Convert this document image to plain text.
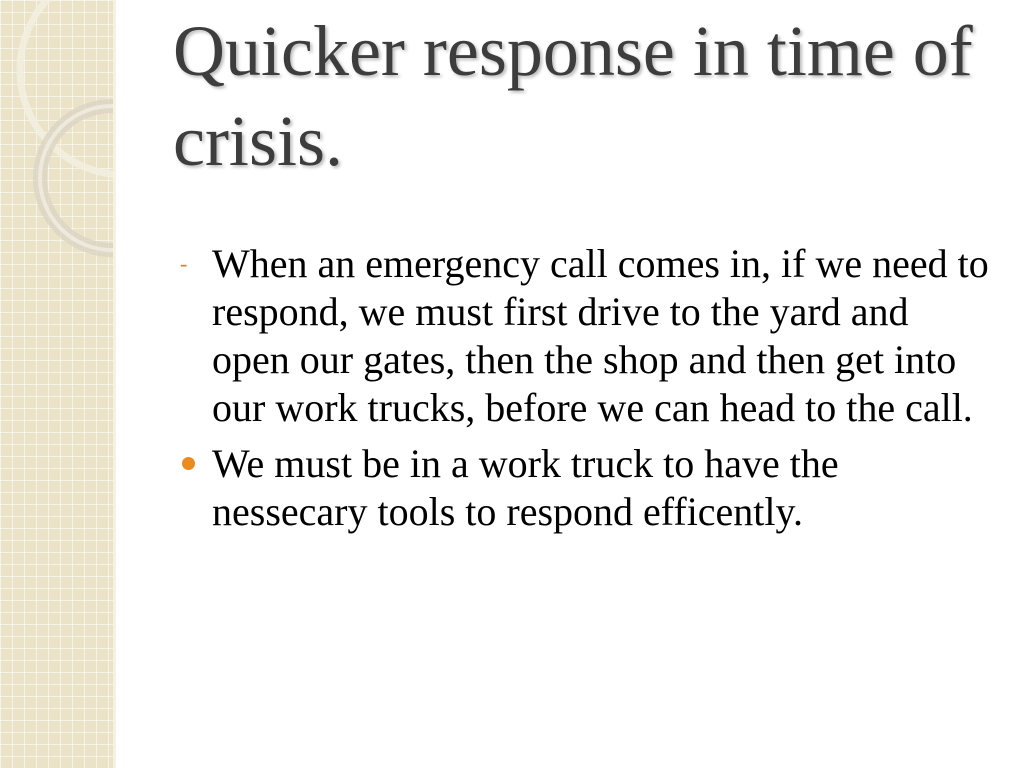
Quicker response in time of crisis.
- When an emergency call comes in, if we need to respond, we must first drive to the yard and open our gates, then the shop and then get into our work trucks, before we can head to the call.
We must be in a work truck to have the nessecary tools to respond efficently.
